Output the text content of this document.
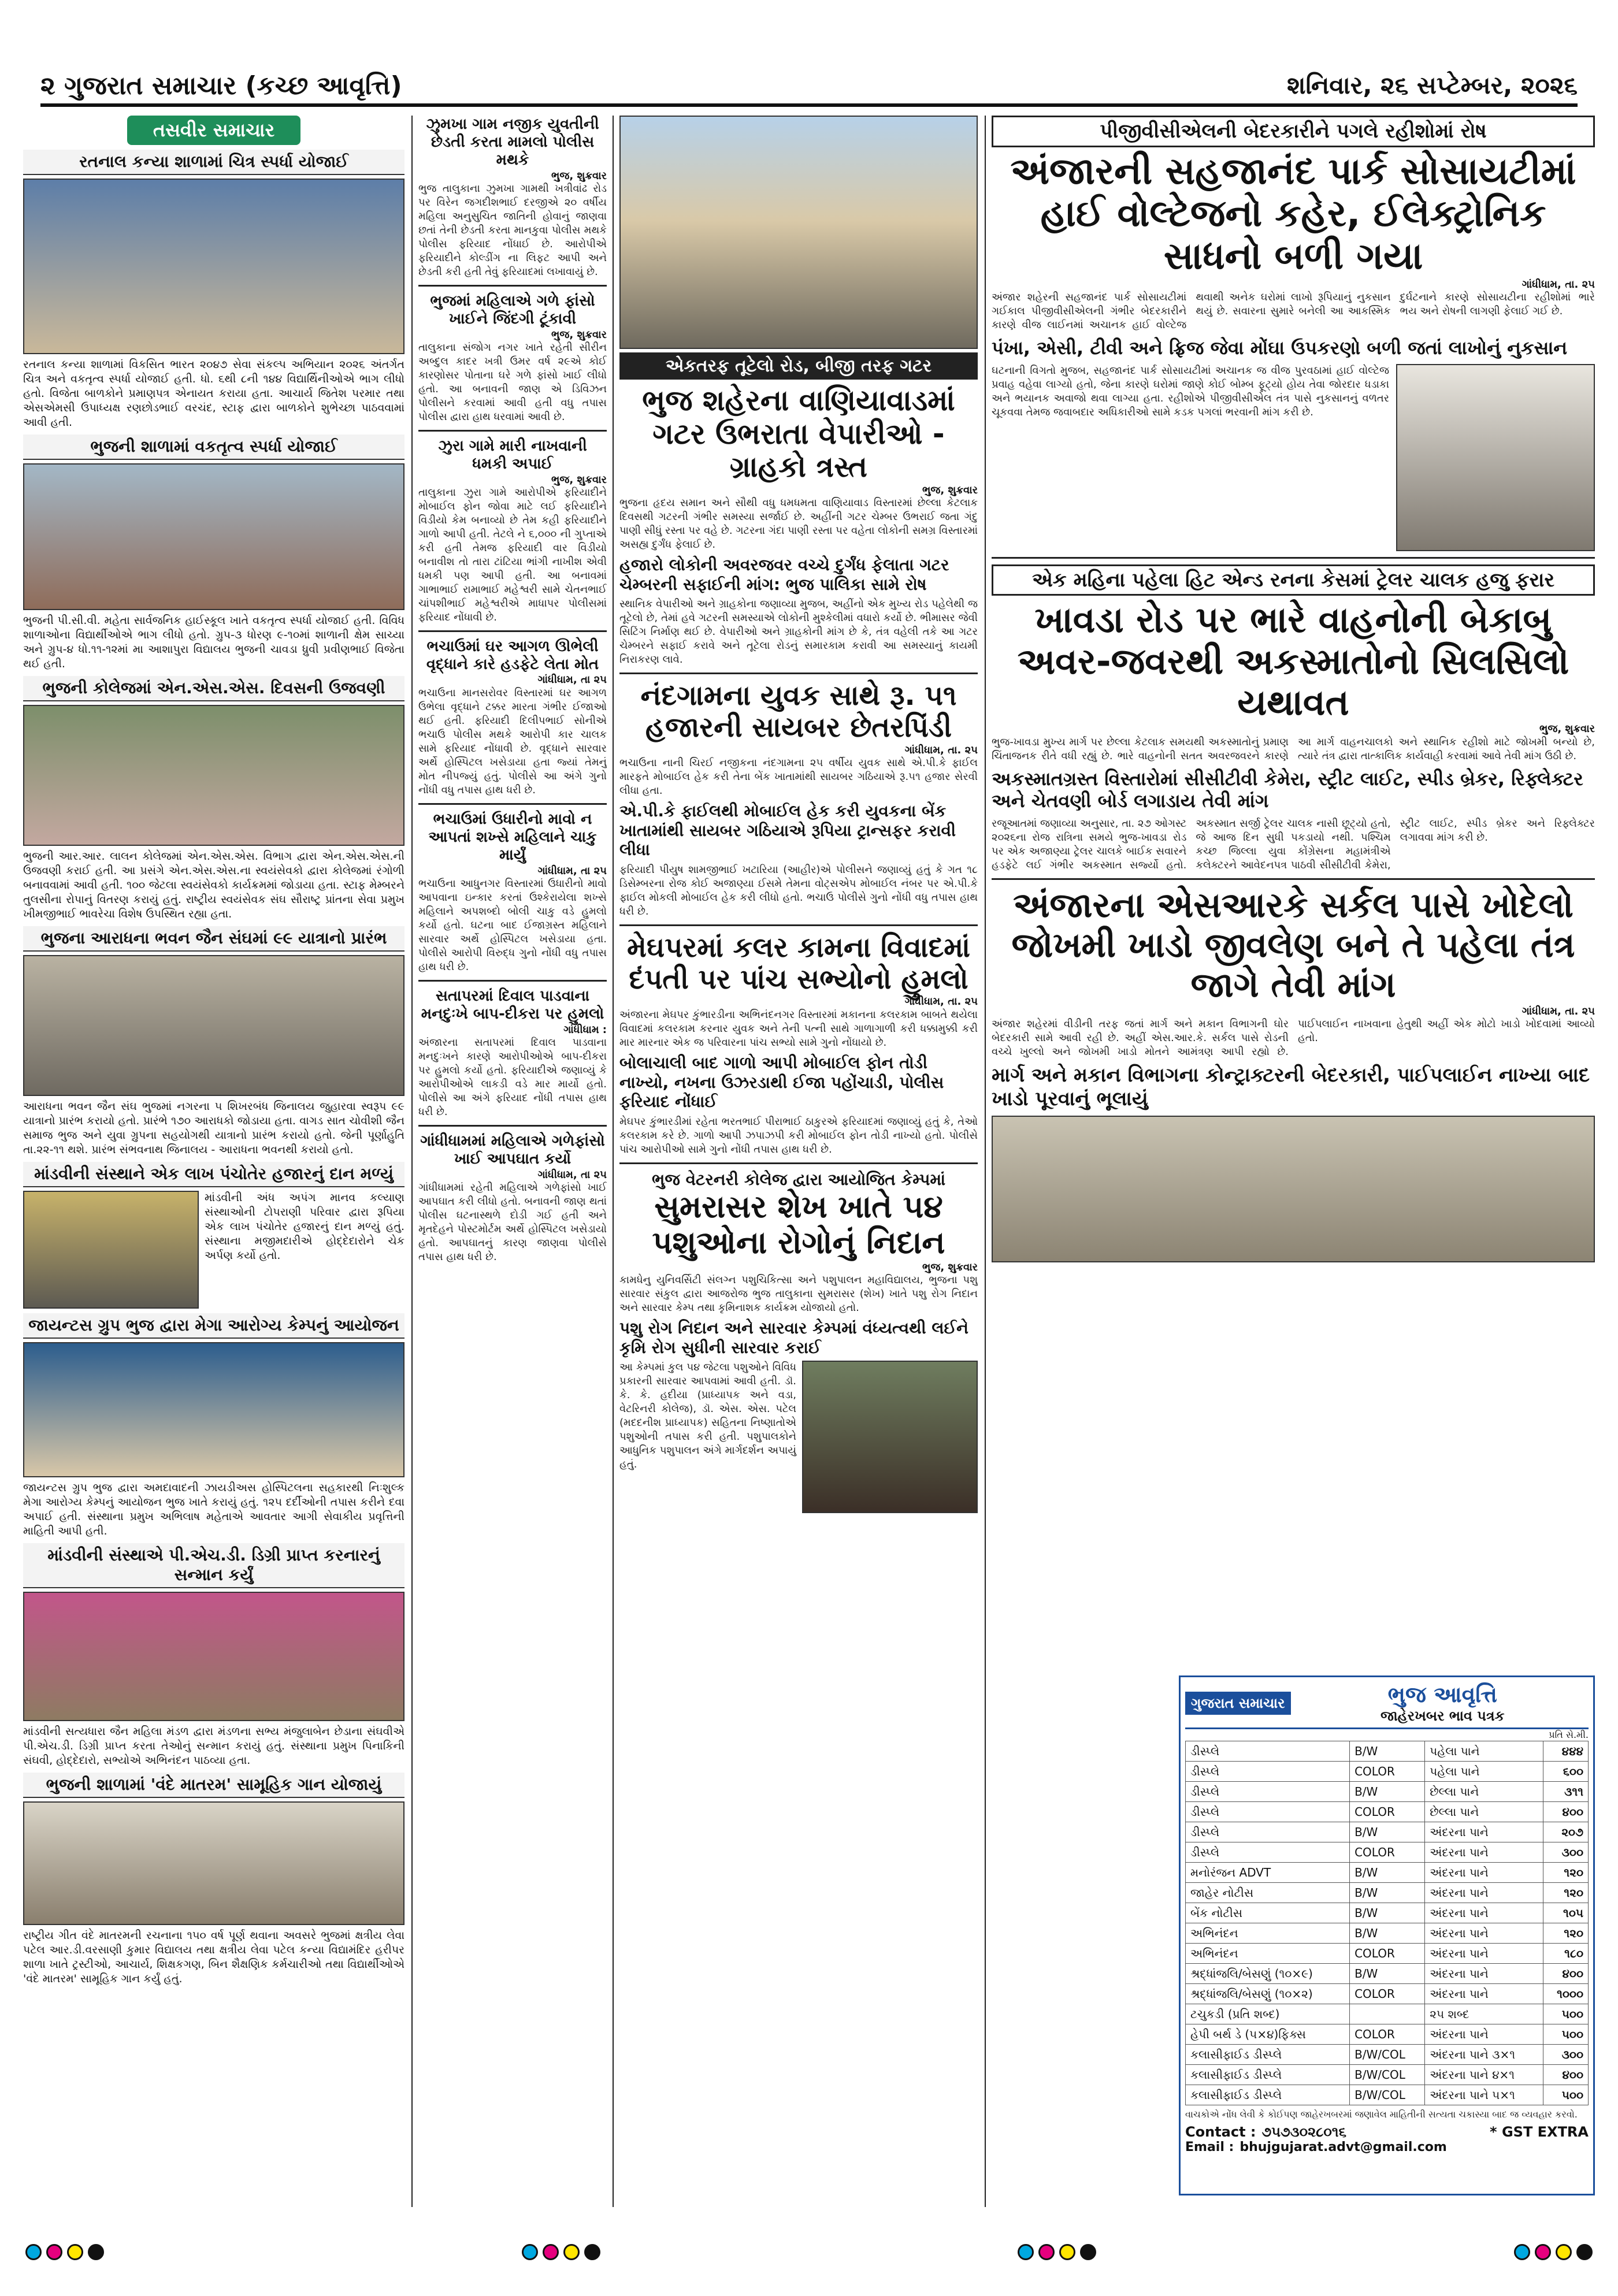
૨ ગુજરાત સમાચાર (કચ્છ આવૃત્તિ)	શનિવાર, ૨૬ સપ્ટેમ્બર, ૨૦૨૬
તસવીર સમાચાર
રતનાલ કન્યા શાળામાં ચિત્ર સ્પર્ધા યોજાઈ
રતનાલ કન્યા શાળામાં વિકસિત ભારત ૨૦૪૭ સેવા સંકલ્પ અભિયાન ૨૦૨૬ અંતર્ગત ચિત્ર અને વકતૃત્વ સ્પર્ધા યોજાઈ હતી. ધો. ૬થી ૮ની ૧૪૪ વિદ્યાર્થિનીઓએ ભાગ લીધો હતો. વિજેતા બાળકોને પ્રમાણપત્ર એનાયત કરાયા હતા. આચાર્ય જિતેશ પરમાર તથા એસએમસી ઉપાધ્યક્ષ રણછોડભાઈ વરચંદ, સ્ટાફ દ્વારા બાળકોને શુભેચ્છા પાઠવવામાં આવી હતી.
ભુજની શાળામાં વકતૃત્વ સ્પર્ધા યોજાઈ
ભુજની પી.સી.વી. મહેતા સાર્વજનિક હાઈસ્કૂલ ખાતે વકતૃત્વ સ્પર્ધા યોજાઈ હતી. વિવિધ શાળાઓના વિદ્યાર્થીઓએ ભાગ લીધો હતો. ગ્રુપ-૩ ધોરણ ૯-૧૦માં શાળાની ક્ષેમ સાચ્યા અને ગ્રુપ-૪ ધો.૧૧-૧૨માં મા આશાપુરા વિદ્યાલય ભુજની ચાવડા ધ્રુવી પ્રવીણભાઈ વિજેતા થઈ હતી.
ભુજની કોલેજમાં એન.એસ.એસ. દિવસની ઉજવણી
ભુજની આર.આર. લાલન કોલેજમાં એન.એસ.એસ. વિભાગ દ્વારા એન.એસ.એસ.ની ઉજવણી કરાઈ હતી. આ પ્રસંગે એન.એસ.એસ.ના સ્વયંસેવકો દ્વારા કોલેજમાં રંગોળી બનાવવામાં આવી હતી. ૧૦૦ જેટલા સ્વયંસેવકો કાર્યક્રમમાં જોડાયા હતા. સ્ટાફ મેમ્બરને તુલસીના રોપાનું વિતરણ કરાયું હતું. રાષ્ટ્રીય સ્વયંસેવક સંઘ સૌરાષ્ટ્ર પ્રાંતના સેવા પ્રમુખ ખીમજીભાઈ ભાવરેચા વિશેષ ઉપસ્થિત રહ્યા હતા.
ભુજના આરાધના ભવન જૈન સંઘમાં ૯૯ યાત્રાનો પ્રારંભ
આરાધના ભવન જૈન સંઘ ભુજમાં નગરના ૫ શિખરબંધ જિનાલય જુહારવા સ્વરૂપ ૯૯ યાત્રાનો પ્રારંભ કરાયો હતો. પ્રારંભે ૧૭૦ આરાધકો જોડાયા હતા. વાગડ સાત ચોવીશી જૈન સમાજ ભુજ અને યુવા ગ્રુપના સહયોગથી યાત્રાનો પ્રારંભ કરાયો હતો. જેની પૂર્ણાહુતિ તા.૨૨-૧૧ થશે. પ્રારંભ સંભવનાથ જિનાલય - આરાધના ભવનથી કરાયો હતો.
માંડવીની સંસ્થાને એક લાખ પંચોતેર હજારનું દાન મળ્યું
માંડવીની અંધ અપંગ માનવ કલ્યાણ સંસ્થાઓની ટોપરાણી પરિવાર દ્વારા રૂપિયા એક લાખ પંચોતેર હજારનું દાન મળ્યું હતું. સંસ્થાના મજીમદારીએ હોદ્દેદારોને ચેક અર્પણ કર્યો હતો.
જાયન્ટસ ગ્રુપ ભુજ દ્વારા મેગા આરોગ્ય કેમ્પનું આયોજન
જાયન્ટસ ગ્રુપ ભુજ દ્વારા અમદાવાદની ઝાયડીઅસ હોસ્પિટલના સહકારથી નિઃશુલ્ક મેગા આરોગ્ય કેમ્પનું આયોજન ભુજ ખાતે કરાયું હતું. ૧૨૫ દર્દીઓની તપાસ કરીને દવા અપાઈ હતી. સંસ્થાના પ્રમુખ અભિલાષ મહેતાએ આવતાર આગી સેવાકીય પ્રવૃત્તિની માહિતી આપી હતી.
માંડવીની સંસ્થાએ પી.એચ.ડી. ડિગ્રી પ્રાપ્ત કરનારનું સન્માન કર્યું
માંડવીની સત્યધારા જૈન મહિલા મંડળ દ્વારા મંડળના સભ્ય મંજુલાબેન છેડાના સંઘવીએ પી.એચ.ડી. ડિગ્રી પ્રાપ્ત કરતા તેઓનું સન્માન કરાયું હતું. સંસ્થાના પ્રમુખ પિનાકિની સંઘવી, હોદ્દેદારો, સભ્યોએ અભિનંદન પાઠવ્યા હતા.
ભુજની શાળામાં 'વંદે માતરમ' સામૂહિક ગાન યોજાયું
રાષ્ટ્રીય ગીત વંદે માતરમની રચનાના ૧૫૦ વર્ષ પૂર્ણ થવાના અવસરે ભુજમાં ક્ષત્રીય લેવા પટેલ આર.ડી.વરસાણી કુમાર વિદ્યાલય તથા ક્ષત્રીય લેવા પટેલ કન્યા વિદ્યામંદિર હરીપર શાળા ખાતે ટ્રસ્ટીઓ, આચાર્ય, શિક્ષકગણ, બિન શૈક્ષણિક કર્મચારીઓ તથા વિદ્યાર્થીઓએ 'વંદે માતરમ' સામૂહિક ગાન કર્યું હતું.
ઝુમખા ગામ નજીક યુવતીની છેડતી કરતા મામલો પોલીસ મથકે
ભુજ, શુક્રવાર
ભુજ તાલુકાના ઝુમખા ગામથી ખત્રીવાંઢ રોડ પર વિરેન જગદીશભાઈ દરજીએ ૨૦ વર્ષીય મહિલા અનુસુચિત જાતિની હોવાનું જાણવા છતાં તેની છેડતી કરતા માનકુવા પોલીસ મથકે પોલીસ ફરિયાદ નોંધાઈ છે. આરોપીએ ફરિયાદીને કોલ્ડીંગ ના લિફટ આપી અને છેડતી કરી હતી તેવું ફરિયાદમાં લખાવાયું છે.
ભુજમાં મહિલાએ ગળે ફાંસો ખાઈને જિંદગી ટૂંકાવી
ભુજ, શુક્રવાર
તાલુકાના સંજોગ નગર ખાતે રહેતી સીરીન અબ્દુલ કાદર ખત્રી ઉમર વર્ષ ૨૯એ કોઈ કારણોસર પોતાના ઘરે ગળે ફાંસો ખાઈ લીધો હતો. આ બનાવની જાણ એ ડિવિઝન પોલીસને કરવામાં આવી હતી વધુ તપાસ પોલીસ દ્વારા હાથ ધરવામાં આવી છે.
ઝુરા ગામે મારી નાખવાની ધમકી અપાઈ
ભુજ, શુક્રવાર
તાલુકાના ઝુરા ગામે આરોપીએ ફરિયાદીને મોબાઈલ ફોન જોવા માટે લઈ ફરિયાદીને વિડીયો કેમ બનાવ્યો છે તેમ કહી ફરિયાદીને ગાળો આપી હતી. તેટલે ને ૬,૦૦૦ ની ગુપ્તાએ કરી હતી તેમજ ફરિયાદી વાર વિડીયો બનાવીશ તો તારા ટાંટિયા ભાંગી નાખીશ એવી ધમકી પણ આપી હતી. આ બનાવમાં ગાભાભાઈ રામાભાઈ મહેશ્વરી સામે ચેતનભાઈ ચાંપશીભાઈ મહેશ્વરીએ માધાપર પોલીસમાં ફરિયાદ નોંધાવી છે.
ભચાઉમાં ઘર આગળ ઊભેલી વૃદ્ધાને કારે હડફેટે લેતા મોત
ગાંધીધામ, તા ૨૫
ભચાઉના માનસરોવર વિસ્તારમાં ઘર આગળ ઉભેલા વૃદ્ધાને ટક્કર મારતા ગંભીર ઈજાઓ થઈ હતી. ફરિયાદી દિલીપભાઈ સોનીએ ભચાઉ પોલીસ મથકે આરોપી કાર ચાલક સામે ફરિયાદ નોંધાવી છે. વૃદ્ધાને સારવાર અર્થે હોસ્પિટલ ખસેડાયા હતા જ્યાં તેમનું મોત નીપજ્યું હતું. પોલીસે આ અંગે ગુનો નોંધી વધુ તપાસ હાથ ધરી છે.
ભચાઉમાં ઉધારીનો માવો ન આપતાં શખ્સે મહિલાને ચાકુ માર્યું
ગાંધીધામ, તા ૨૫
ભચાઉના આધુનગર વિસ્તારમાં ઉધારીનો માવો આપવાના ઇન્કાર કરતાં ઉશ્કેરાયેલા શખ્સે મહિલાને અપશબ્દો બોલી ચાકુ વડે હુમલો કર્યો હતો. ઘટના બાદ ઈજાગ્રસ્ત મહિલાને સારવાર અર્થે હોસ્પિટલ ખસેડાયા હતા. પોલીસે આરોપી વિરુદ્ધ ગુનો નોંધી વધુ તપાસ હાથ ધરી છે.
સતાપરમાં દિવાલ પાડવાના મનદુઃખે બાપ-દીકરા પર હુમલો
ગાંધીધામ :
અંજારના સતાપરમાં દિવાલ પાડવાના મનદુઃખને કારણે આરોપીઓએ બાપ-દીકરા પર હુમલો કર્યો હતો. ફરિયાદીએ જણાવ્યું કે આરોપીઓએ લાકડી વડે માર માર્યો હતો. પોલીસે આ અંગે ફરિયાદ નોંધી તપાસ હાથ ધરી છે.
ગાંધીધામમાં મહિલાએ ગળેફાંસો ખાઈ આપઘાત કર્યો
ગાંધીધામ, તા ૨૫
ગાંધીધામમાં રહેતી મહિલાએ ગળેફાંસો ખાઈ આપઘાત કરી લીધો હતો. બનાવની જાણ થતાં પોલીસ ઘટનાસ્થળે દોડી ગઈ હતી અને મૃતદેહને પોસ્ટમોર્ટમ અર્થે હોસ્પિટલ ખસેડાયો હતો. આપઘાતનું કારણ જાણવા પોલીસે તપાસ હાથ ધરી છે.
એકતરફ તૂટેલો રોડ, બીજી તરફ ગટર
ભુજ શહેરના વાણિયાવાડમાં ગટર ઉભરાતા વેપારીઓ - ગ્રાહકો ત્રસ્ત
ભુજ, શુક્રવાર
ભુજના હૃદય સમાન અને સૌથી વધુ ધમધમતા વાણિયાવાડ વિસ્તારમાં છેલ્લા કેટલાક દિવસથી ગટરની ગંભીર સમસ્યા સર્જાઈ છે. અહીંની ગટર ચેમ્બર ઉભરાઈ જતા ગંદુ પાણી સીધું રસ્તા પર વહે છે. ગટરના ગંદા પાણી રસ્તા પર વહેતા લોકોની સમગ્ર વિસ્તારમાં અસહ્ય દુર્ગંધ ફેલાઈ છે.
હજારો લોકોની અવરજવર વચ્ચે દુર્ગંધ ફેલાતા ગટર ચેમ્બરની સફાઈની માંગ: ભુજ પાલિકા સામે રોષ
સ્થાનિક વેપારીઓ અને ગ્રાહકોના જણાવ્યા મુજબ, અહીંનો એક મુખ્ય રોડ પહેલેથી જ તૂટેલો છે, તેમાં હવે ગટરની સમસ્યાએ લોકોની મુશ્કેલીમાં વધારો કર્યો છે. ભીમાસર જેવી સિટિંગ નિર્માણ થઈ છે. વેપારીઓ અને ગ્રાહકોની માંગ છે કે, તંત્ર વહેલી તકે આ ગટર ચેમ્બરને સફાઈ કરાવે અને તૂટેલા રોડનું સમારકામ કરાવી આ સમસ્યાનું કાયમી નિરાકરણ લાવે.
નંદગામના યુવક સાથે રૂ. ૫૧ હજારની સાયબર છેતરપિંડી
ગાંધીધામ, તા. ૨૫
ભચાઉના નાની ચિરઈ નજીકના નંદગામના ૨૫ વર્ષીય યુવક સાથે એ.પી.કે ફાઈલ મારફતે મોબાઈલ હેક કરી તેના બેંક ખાતામાંથી સાયબર ગઠિયાએ રૂ.૫૧ હજાર સેરવી લીધા હતા.
એ.પી.કે ફાઈલથી મોબાઈલ હેક કરી યુવકના બેંક ખાતામાંથી સાયબર ગઠિયાએ રૂપિયા ટ્રાન્સફર કરાવી લીધા
ફરિયાદી પીયુષ શામજીભાઈ ખટારિયા (આહીર)એ પોલીસને જણાવ્યું હતું કે ગત ૧૮ ડિસેમ્બરના રોજ કોઈ અજાણ્યા ઈસમે તેમના વોટ્સએપ મોબાઈલ નંબર પર એ.પી.કે ફાઈલ મોકલી મોબાઈલ હેક કરી લીધો હતો. ભચાઉ પોલીસે ગુનો નોંધી વધુ તપાસ હાથ ધરી છે.
મેઘપરમાં કલર કામના વિવાદમાં દંપતી પર પાંચ સભ્યોનો હુમલો
ગાંધીધામ, તા. ૨૫
અંજારના મેઘપર કુંભારડીના અભિનંદનગર વિસ્તારમાં મકાનના કલરકામ બાબતે થયેલા વિવાદમાં કલરકામ કરનાર યુવક અને તેની પત્ની સાથે ગાળાગાળી કરી ધક્કામુક્કી કરી માર મારનાર એક જ પરિવારના પાંચ સભ્યો સામે ગુનો નોંધાયો છે.
બોલાચાલી બાદ ગાળો આપી મોબાઈલ ફોન તોડી નાખ્યો, નખના ઉઝરડાથી ઈજા પહોંચાડી, પોલીસ ફરિયાદ નોંધાઈ
મેઘપર કુંભારડીમાં રહેતા ભરતભાઈ પીરાભાઈ ઠાકુરએ ફરિયાદમાં જણાવ્યું હતું કે, તેઓ કલરકામ કરે છે. ગાળો આપી ઝપાઝપી કરી મોબાઈલ ફોન તોડી નાખ્યો હતો. પોલીસે પાંચ આરોપીઓ સામે ગુનો નોંધી તપાસ હાથ ધરી છે.
ભુજ વેટરનરી કોલેજ દ્વારા આયોજિત કેમ્પમાં
સુમરાસર શેખ ખાતે ૫૪ પશુઓના રોગોનું નિદાન
ભુજ, શુક્રવાર
કામધેનુ યુનિવર્સિટી સંલગ્ન પશુચિકિત્સા અને પશુપાલન મહાવિદ્યાલય, ભુજના પશુ સારવાર સંકુલ દ્વારા આજરોજ ભુજ તાલુકાના સુમરાસર (શેખ) ખાતે પશુ રોગ નિદાન અને સારવાર કેમ્પ તથા કૃમિનાશક કાર્યક્રમ યોજાયો હતો.
પશુ રોગ નિદાન અને સારવાર કેમ્પમાં વંધ્યત્વથી લઈને કૃમિ રોગ સુધીની સારવાર કરાઈ
આ કેમ્પમાં કુલ ૫૪ જેટલા પશુઓને વિવિધ પ્રકારની સારવાર આપવામાં આવી હતી. ડૉ. કે. કે. હદીયા (પ્રાધ્યાપક અને વડા, વેટરિનરી કોલેજ), ડૉ. એસ. એસ. પટેલ (મદદનીશ પ્રાધ્યાપક) સહિતના નિષ્ણાતોએ પશુઓની તપાસ કરી હતી. પશુપાલકોને આધુનિક પશુપાલન અંગે માર્ગદર્શન અપાયું હતું.
પીજીવીસીએલની બેદરકારીને પગલે રહીશોમાં રોષ
અંજારની સહજાનંદ પાર્ક સોસાયટીમાં હાઈ વોલ્ટેજનો કહેર, ઈલેક્ટ્રોનિક સાધનો બળી ગયા
ગાંધીધામ, તા. ૨૫
અંજાર શહેરની સહજાનંદ પાર્ક સોસાયટીમાં ગઈકાલ પીજીવીસીએલની ગંભીર બેદરકારીને કારણે વીજ લાઈનમાં અચાનક હાઈ વોલ્ટેજ થવાથી અનેક ઘરોમાં લાખો રૂપિયાનું નુકસાન થયું છે. સવારના સુમારે બનેલી આ આકસ્મિક દુર્ઘટનાને કારણે સોસાયટીના રહીશોમાં ભારે ભય અને રોષની લાગણી ફેલાઈ ગઈ છે.
પંખા, એસી, ટીવી અને ફ્રિજ જેવા મોંઘા ઉપકરણો બળી જતાં લાખોનું નુકસાન
ઘટનાની વિગતો મુજબ, સહજાનંદ પાર્ક સોસાયટીમાં અચાનક જ વીજ પુરવઠામાં હાઈ વોલ્ટેજ પ્રવાહ વહેવા લાગ્યો હતો, જેના કારણે ઘરોમાં જાણે કોઈ બોમ્બ ફૂટ્યો હોય તેવા જોરદાર ધડાકા અને ભયાનક અવાજો થવા લાગ્યા હતા. રહીશોએ પીજીવીસીએલ તંત્ર પાસે નુકસાનનું વળતર ચૂકવવા તેમજ જવાબદાર અધિકારીઓ સામે કડક પગલાં ભરવાની માંગ કરી છે.
એક મહિના પહેલા હિટ એન્ડ રનના કેસમાં ટ્રેલર ચાલક હજુ ફરાર
ખાવડા રોડ પર ભારે વાહનોની બેકાબુ અવર-જવરથી અકસ્માતોનો સિલસિલો યથાવત
ભુજ, શુક્રવાર
ભુજ-ખાવડા મુખ્ય માર્ગ પર છેલ્લા કેટલાક સમયથી અકસ્માતોનું પ્રમાણ ચિંતાજનક રીતે વધી રહ્યું છે. ભારે વાહનોની સતત અવરજવરને કારણે આ માર્ગ વાહનચાલકો અને સ્થાનિક રહીશો માટે જોખમી બન્યો છે, ત્યારે તંત્ર દ્વારા તાત્કાલિક કાર્યવાહી કરવામાં આવે તેવી માંગ ઉઠી છે.
અકસ્માતગ્રસ્ત વિસ્તારોમાં સીસીટીવી કેમેરા, સ્ટ્રીટ લાઈટ, સ્પીડ બ્રેકર, રિફ્લેક્ટર અને ચેતવણી બોર્ડ લગાડાય તેવી માંગ
રજૂઆતમાં જણાવ્યા અનુસાર, તા. ૨૭ ઓગસ્ટ ૨૦૨૬ના રોજ રાત્રિના સમયે ભુજ-ખાવડા રોડ પર એક અજાણ્યા ટ્રેલર ચાલકે બાઈક સવારને હડફેટે લઈ ગંભીર અકસ્માત સર્જ્યો હતો. અકસ્માત સર્જી ટ્રેલર ચાલક નાસી છૂટ્યો હતો, જે આજ દિન સુધી પકડાયો નથી. પશ્ચિમ કચ્છ જિલ્લા યુવા કોંગ્રેસના મહામંત્રીએ કલેક્ટરને આવેદનપત્ર પાઠવી સીસીટીવી કેમેરા, સ્ટ્રીટ લાઈટ, સ્પીડ બ્રેકર અને રિફ્લેક્ટર લગાવવા માંગ કરી છે.
અંજારના એસઆરકે સર્કલ પાસે ખોદેલો જોખમી ખાડો જીવલેણ બને તે પહેલા તંત્ર જાગે તેવી માંગ
ગાંધીધામ, તા. ૨૫
અંજાર શહેરમાં વીડીની તરફ જતાં માર્ગ અને મકાન વિભાગની ઘોર બેદરકારી સામે આવી રહી છે. અહીં એસ.આર.કે. સર્કલ પાસે રોડની વચ્ચે ખુલ્લો અને જોખમી ખાડો મોતને આમંત્રણ આપી રહ્યો છે. પાઈપલાઈન નાખવાના હેતુથી અહીં એક મોટો ખાડો ખોદવામાં આવ્યો હતો.
માર્ગ અને મકાન વિભાગના કોન્ટ્રાક્ટરની બેદરકારી, પાઈપલાઈન નાખ્યા બાદ ખાડો પૂરવાનું ભૂલાયું
ગુજરાત સમાચાર	ભુજ આવૃત્તિ
જાહેરખબર ભાવ પત્રક
પ્રતિ સે.મી.
ડીસ્પ્લે	B/W	પહેલા પાને	૪૪૪
ડીસ્પ્લે	COLOR	પહેલા પાને	૬૦૦
ડીસ્પ્લે	B/W	છેલ્લા પાને	૩૧૧
ડીસ્પ્લે	COLOR	છેલ્લા પાને	૪૦૦
ડીસ્પ્લે	B/W	અંદરના પાને	૨૦૭
ડીસ્પ્લે	COLOR	અંદરના પાને	૩૦૦
મનોરંજન ADVT	B/W	અંદરના પાને	૧૨૦
જાહેર નોટીસ	B/W	અંદરના પાને	૧૨૦
બેંક નોટીસ	B/W	અંદરના પાને	૧૦૫
અભિનંદન	B/W	અંદરના પાને	૧૨૦
અભિનંદન	COLOR	અંદરના પાને	૧૮૦
શ્રદ્ધાંજલિ/બેસણું (૧૦×૯)	B/W	અંદરના પાને	૪૦૦
શ્રદ્ધાંજલિ/બેસણું (૧૦×૨)	COLOR	અંદરના પાને	૧૦૦૦
ટચુકડી (પ્રતિ શબ્દ)		૨૫ શબ્દ	૫૦૦
હેપી બર્થ ડે (૫×૪)ફિક્સ	COLOR	અંદરના પાને	૫૦૦
કલાસીફાઈડ ડીસ્પ્લે	B/W/COL	અંદરના પાને ૩×૧	૩૦૦
કલાસીફાઈડ ડીસ્પ્લે	B/W/COL	અંદરના પાને ૪×૧	૪૦૦
કલાસીફાઈડ ડીસ્પ્લે	B/W/COL	અંદરના પાને ૫×૧	૫૦૦
વાચકોએ નોંધ લેવી કે કોઈપણ જાહેરખબરમાં જણાવેલ માહિતીની સત્યતા ચકાસ્યા બાદ જ વ્યવહાર કરવો.
Contact : ૭૫૭૩૦૨૮૦૧૬	* GST EXTRA
Email : bhujgujarat.advt@gmail.com
